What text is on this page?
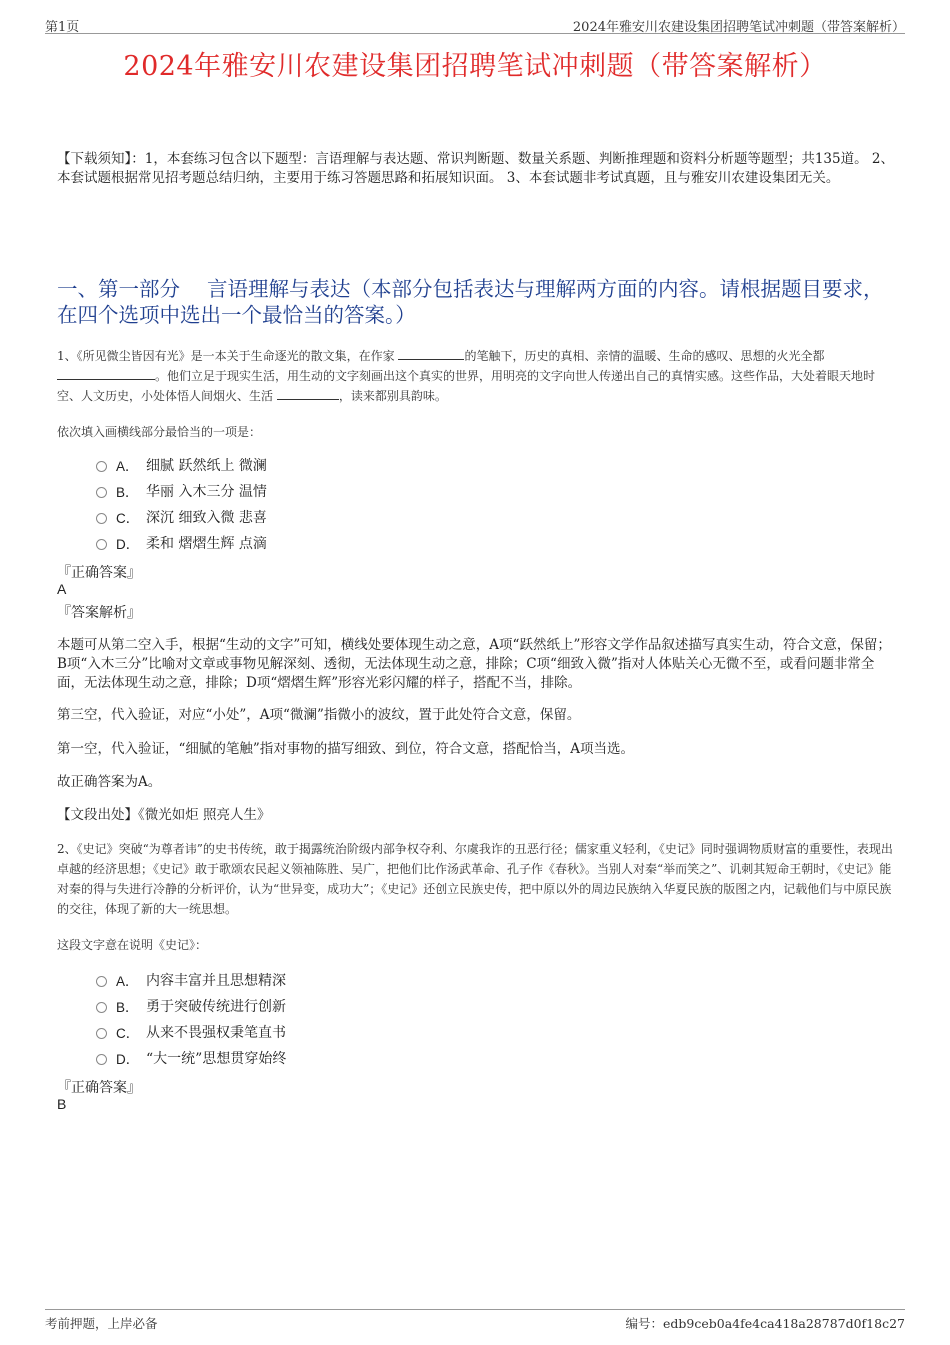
第1页	2024年雅安川农建设集团招聘笔试冲刺题（带答案解析）
2024年雅安川农建设集团招聘笔试冲刺题（带答案解析）
【下载须知】：1，本套练习包含以下题型：言语理解与表达题、常识判断题、数量关系题、判断推理题和资料分析题等题型；共135道。 2、本套试题根据常见招考题总结归纳，主要用于练习答题思路和拓展知识面。 3、本套试题非考试真题，且与雅安川农建设集团无关。
一、第一部分　 言语理解与表达（本部分包括表达与理解两方面的内容。请根据题目要求，在四个选项中选出一个最恰当的答案。）
1、《所见微尘皆因有光》是一本关于生命逐光的散文集，在作家	的笔触下，历史的真相、亲情的温暖、生命的感叹、思想的火光全都 。他们立足于现实生活，用生动的文字刻画出这个真实的世界，用明亮的文字向世人传递出自己的真情实感。这些作品，大处着眼天地时空、人文历史，小处体悟人间烟火、生活	，读来都别具韵味。
依次填入画横线部分最恰当的一项是：
A． 细腻 跃然纸上 微澜
B． 华丽 入木三分 温情
C． 深沉 细致入微 悲喜
D． 柔和 熠熠生辉 点滴
『正确答案』
A
『答案解析』
本题可从第二空入手，根据“生动的文字”可知，横线处要体现生动之意，A项“跃然纸上”形容文学作品叙述描写真实生动，符合文意，保留；B项“入木三分”比喻对文章或事物见解深刻、透彻，无法体现生动之意，排除；C项“细致入微”指对人体贴关心无微不至，或看问题非常全面，无法体现生动之意，排除；D项“熠熠生辉”形容光彩闪耀的样子，搭配不当，排除。
第三空，代入验证，对应“小处”，A项“微澜”指微小的波纹，置于此处符合文意，保留。
第一空，代入验证，“细腻的笔触”指对事物的描写细致、到位，符合文意，搭配恰当，A项当选。
故正确答案为A。
【文段出处】《微光如炬 照亮人生》
2、《史记》突破“为尊者讳”的史书传统，敢于揭露统治阶级内部争权夺利、尔虞我诈的丑恶行径；儒家重义轻利，《史记》同时强调物质财富的重要性，表现出卓越的经济思想；《史记》敢于歌颂农民起义领袖陈胜、吴广，把他们比作汤武革命、孔子作《春秋》。当别人对秦“举而笑之”、讥刺其短命王朝时，《史记》能对秦的得与失进行冷静的分析评价，认为“世异变，成功大”；《史记》还创立民族史传，把中原以外的周边民族纳入华夏民族的版图之内，记载他们与中原民族的交往，体现了新的大一统思想。
这段文字意在说明《史记》：
A． 内容丰富并且思想精深
B． 勇于突破传统进行创新
C． 从来不畏强权秉笔直书
D． “大一统”思想贯穿始终
『正确答案』
B
考前押题，上岸必备	编号：edb9ceb0a4fe4ca418a28787d0f18c27
